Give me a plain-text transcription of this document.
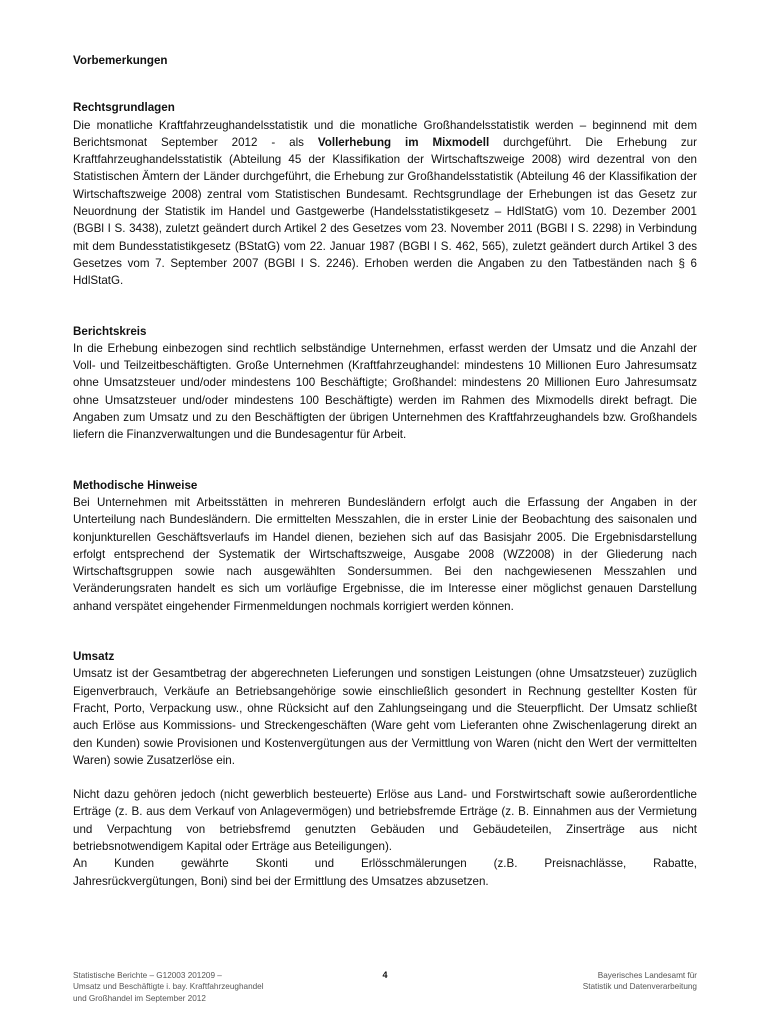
Vorbemerkungen
Rechtsgrundlagen

Die monatliche Kraftfahrzeughandelsstatistik und die monatliche Großhandelsstatistik werden – beginnend mit dem Berichtsmonat September 2012 - als Vollerhebung im Mixmodell durchgeführt. Die Erhebung zur Kraftfahrzeughandelsstatistik (Abteilung 45 der Klassifikation der Wirtschaftszweige 2008) wird dezentral von den Statistischen Ämtern der Länder durchgeführt, die Erhebung zur Großhandelsstatistik (Abteilung 46 der Klassifikation der Wirtschaftszweige 2008) zentral vom Statistischen Bundesamt. Rechtsgrundlage der Erhebungen ist das Gesetz zur Neuordnung der Statistik im Handel und Gastgewerbe (Handelsstatistikgesetz – HdlStatG) vom 10. Dezember 2001 (BGBl I S. 3438), zuletzt geändert durch Artikel 2 des Gesetzes vom 23. November 2011 (BGBl I S. 2298) in Verbindung mit dem Bundesstatistikgesetz (BStatG) vom 22. Januar 1987 (BGBl I S. 462, 565), zuletzt geändert durch Artikel 3 des Gesetzes vom 7. September 2007 (BGBl I S. 2246). Erhoben werden die Angaben zu den Tatbeständen nach § 6 HdlStatG.

Berichtskreis

In die Erhebung einbezogen sind rechtlich selbständige Unternehmen, erfasst werden der Umsatz und die Anzahl der Voll- und Teilzeitbeschäftigten. Große Unternehmen (Kraftfahrzeughandel: mindestens 10 Millionen Euro Jahresumsatz ohne Umsatzsteuer und/oder mindestens 100 Beschäftigte; Großhandel: mindestens 20 Millionen Euro Jahresumsatz ohne Umsatzsteuer und/oder mindestens 100 Beschäftigte) werden im Rahmen des Mixmodells direkt befragt. Die Angaben zum Umsatz und zu den Beschäftigten der übrigen Unternehmen des Kraftfahrzeughandels bzw. Großhandels liefern die Finanzverwaltungen und die Bundesagentur für Arbeit.

Methodische Hinweise

Bei Unternehmen mit Arbeitsstätten in mehreren Bundesländern erfolgt auch die Erfassung der Angaben in der Unterteilung nach Bundesländern. Die ermittelten Messzahlen, die in erster Linie der Beobachtung des saisonalen und konjunkturellen Geschäftsverlaufs im Handel dienen, beziehen sich auf das Basisjahr 2005. Die Ergebnisdarstellung erfolgt entsprechend der Systematik der Wirtschaftszweige, Ausgabe 2008 (WZ2008) in der Gliederung nach Wirtschaftsgruppen sowie nach ausgewählten Sondersummen. Bei den nachgewiesenen Messzahlen und Veränderungsraten handelt es sich um vorläufige Ergebnisse, die im Interesse einer möglichst genauen Darstellung anhand verspätet eingehender Firmenmeldungen nochmals korrigiert werden können.

Umsatz

Umsatz ist der Gesamtbetrag der abgerechneten Lieferungen und sonstigen Leistungen (ohne Umsatzsteuer) zuzüglich Eigenverbrauch, Verkäufe an Betriebsangehörige sowie einschließlich gesondert in Rechnung gestellter Kosten für Fracht, Porto, Verpackung usw., ohne Rücksicht auf den Zahlungseingang und die Steuerpflicht. Der Umsatz schließt auch Erlöse aus Kommissions- und Streckengeschäften (Ware geht vom Lieferanten ohne Zwischenlagerung direkt an den Kunden) sowie Provisionen und Kostenvergütungen aus der Vermittlung von Waren (nicht den Wert der vermittelten Waren) sowie Zusatzerlöse ein.

Nicht dazu gehören jedoch (nicht gewerblich besteuerte) Erlöse aus Land- und Forstwirtschaft sowie außerordentliche Erträge (z. B. aus dem Verkauf von Anlagevermögen) und betriebsfremde Erträge (z. B. Einnahmen aus der Vermietung und Verpachtung von betriebsfremd genutzten Gebäuden und Gebäudeteilen, Zinserträge aus nicht betriebsnotwendigem Kapital oder Erträge aus Beteiligungen).

An Kunden gewährte Skonti und Erlösschmälerungen (z.B. Preisnachlässe, Rabatte,

Jahresrückvergütungen, Boni) sind bei der Ermittlung des Umsatzes abzusetzen.

Statistische Berichte – G12003 201209 –
Umsatz und Beschäftigte i. bay. Kraftfahrzeughandel
und Großhandel im September 2012
4	Bayerisches Landesamt für
Statistik und Datenverarbeitung
